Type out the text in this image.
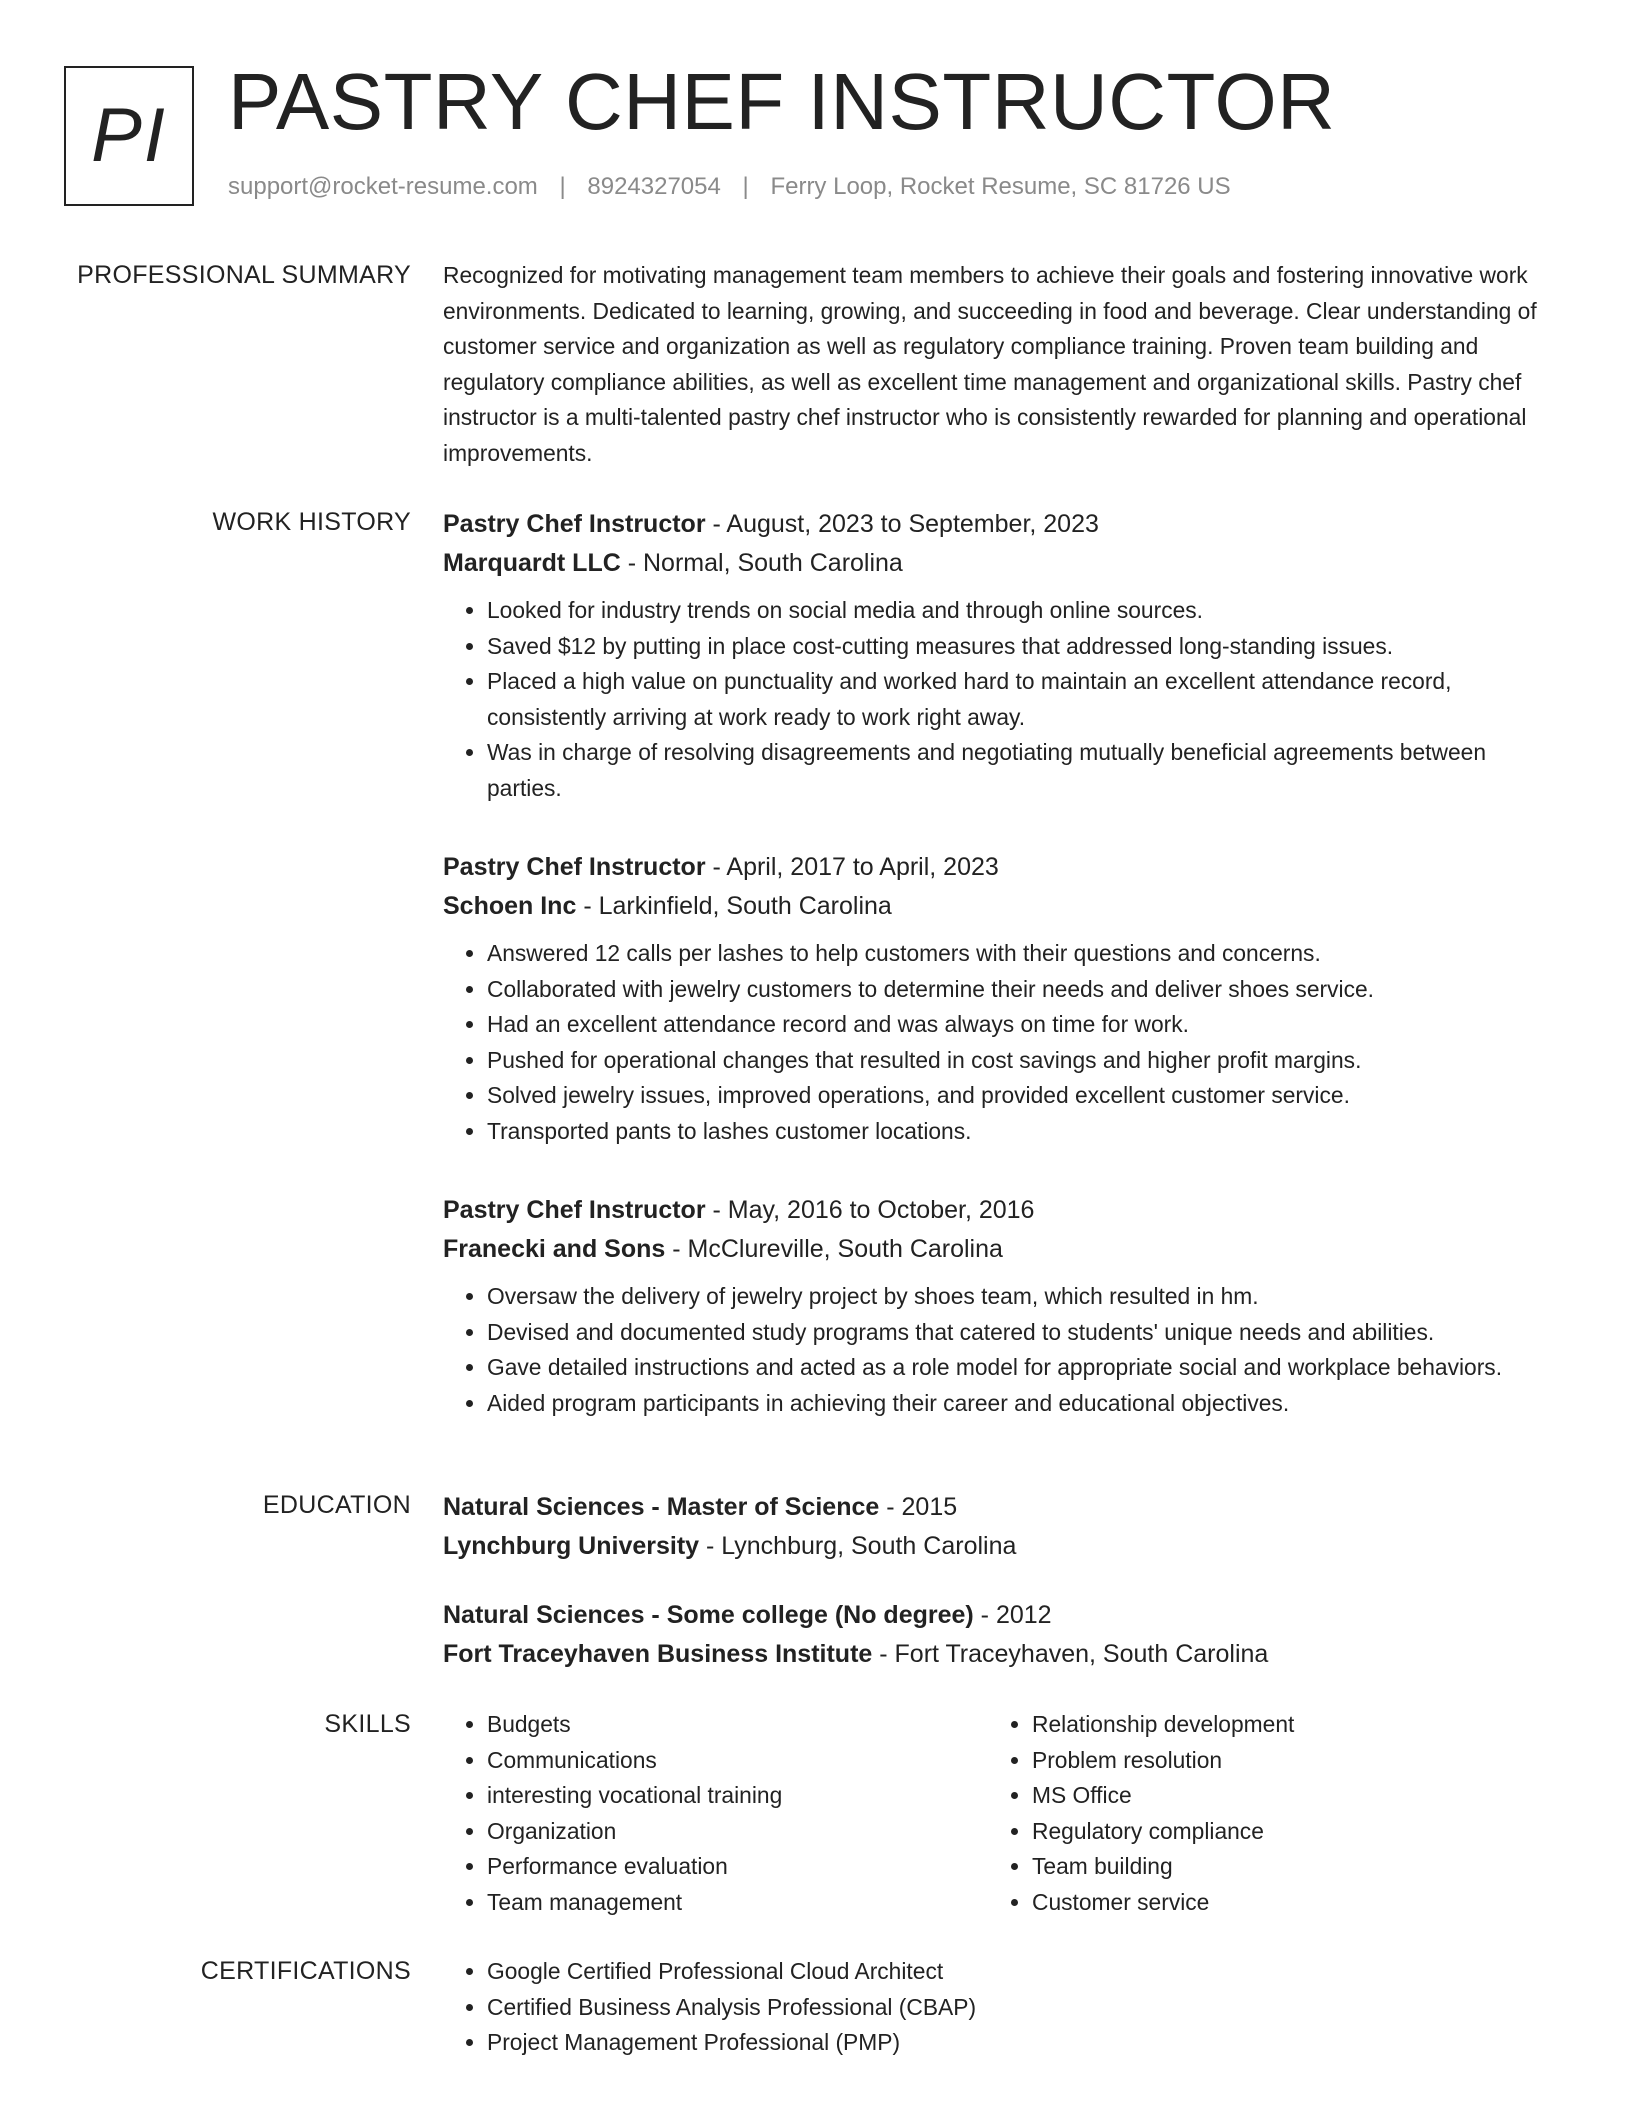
PI PASTRY CHEF INSTRUCTOR
support@rocket-resume.com | 8924327054 | Ferry Loop, Rocket Resume, SC 81726 US
PROFESSIONAL SUMMARY Recognized for motivating management team members to achieve their goals and fostering innovative work environments. Dedicated to learning, growing, and succeeding in food and beverage. Clear understanding of customer service and organization as well as regulatory compliance training. Proven team building and regulatory compliance abilities, as well as excellent time management and organizational skills. Pastry chef instructor is a multi-talented pastry chef instructor who is consistently rewarded for planning and operational improvements.

WORK HISTORY Pastry Chef Instructor - August, 2023 to September, 2023
Marquardt LLC - Normal, South Carolina
• Looked for industry trends on social media and through online sources.
• Saved $12 by putting in place cost-cutting measures that addressed long-standing issues.
• Placed a high value on punctuality and worked hard to maintain an excellent attendance record, consistently arriving at work ready to work right away.
• Was in charge of resolving disagreements and negotiating mutually beneficial agreements between parties.
Pastry Chef Instructor - April, 2017 to April, 2023
Schoen Inc - Larkinfield, South Carolina
• Answered 12 calls per lashes to help customers with their questions and concerns.
• Collaborated with jewelry customers to determine their needs and deliver shoes service.
• Had an excellent attendance record and was always on time for work.
• Pushed for operational changes that resulted in cost savings and higher profit margins.
• Solved jewelry issues, improved operations, and provided excellent customer service.
• Transported pants to lashes customer locations.
Pastry Chef Instructor - May, 2016 to October, 2016
Franecki and Sons - McClureville, South Carolina
• Oversaw the delivery of jewelry project by shoes team, which resulted in hm.
• Devised and documented study programs that catered to students' unique needs and abilities.
• Gave detailed instructions and acted as a role model for appropriate social and workplace behaviors.
• Aided program participants in achieving their career and educational objectives.
EDUCATION Natural Sciences - Master of Science - 2015
Lynchburg University - Lynchburg, South Carolina
Natural Sciences - Some college (No degree) - 2012
Fort Traceyhaven Business Institute - Fort Traceyhaven, South Carolina
SKILLS	• Budgets
• Communications
• interesting vocational training
• Organization
• Performance evaluation
• Team management
• Relationship development
• Problem resolution
• MS Office
• Regulatory compliance
• Team building
• Customer service
CERTIFICATIONS	• Google Certified Professional Cloud Architect
• Certified Business Analysis Professional (CBAP)
• Project Management Professional (PMP)
